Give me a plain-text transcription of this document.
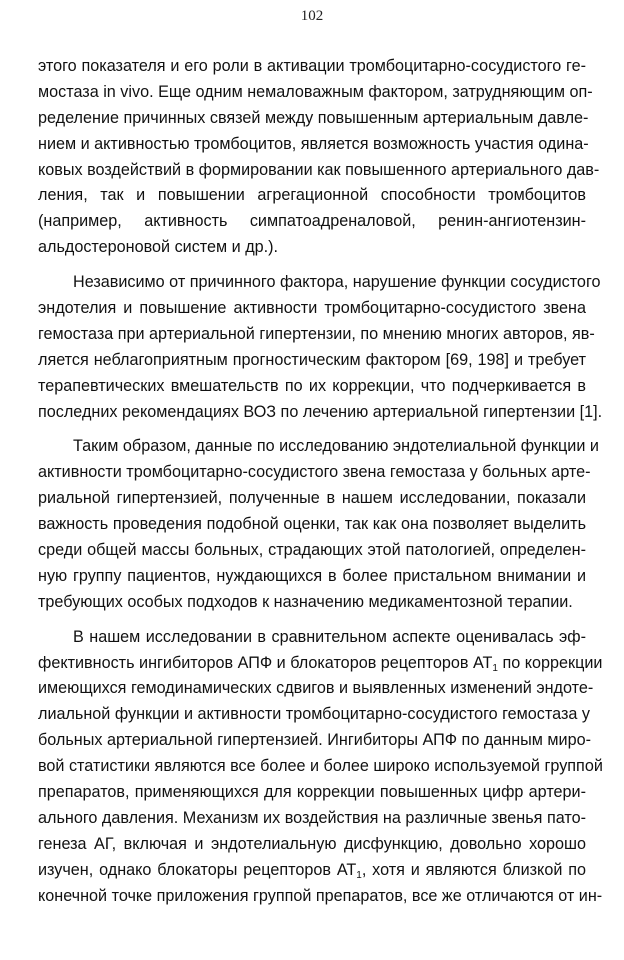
102
этого показателя и его роли в активации тромбоцитарно-сосудистого ге-
мостаза in vivo. Еще одним немаловажным фактором, затрудняющим оп-
ределение причинных связей между повышенным артериальным давле-
нием и активностью тромбоцитов, является возможность участия одина-
ковых воздействий в формировании как повышенного артериального дав-
ления, так и повышении агрегационной способности тромбоцитов
(например, активность симпатоадреналовой, ренин-ангиотензин-
альдостероновой систем и др.).
Независимо от причинного фактора, нарушение функции сосудистого
эндотелия и повышение активности тромбоцитарно-сосудистого звена
гемостаза при артериальной гипертензии, по мнению многих авторов, яв-
ляется неблагоприятным прогностическим фактором [69, 198] и требует
терапевтических вмешательств по их коррекции, что подчеркивается в
последних рекомендациях ВОЗ по лечению артериальной гипертензии [1].
Таким образом, данные по исследованию эндотелиальной функции и
активности тромбоцитарно-сосудистого звена гемостаза у больных арте-
риальной гипертензией, полученные в нашем исследовании, показали
важность проведения подобной оценки, так как она позволяет выделить
среди общей массы больных, страдающих этой патологией, определен-
ную группу пациентов, нуждающихся в более пристальном внимании и
требующих особых подходов к назначению медикаментозной терапии.
В нашем исследовании в сравнительном аспекте оценивалась эф-
фективность ингибиторов АПФ и блокаторов рецепторов $АТ_1$ по коррекции
имеющихся гемодинамических сдвигов и выявленных изменений эндоте-
лиальной функции и активности тромбоцитарно-сосудистого гемостаза у
больных артериальной гипертензией. Ингибиторы АПФ по данным миро-
вой статистики являются все более и более широко используемой группой
препаратов, применяющихся для коррекции повышенных цифр артери-
ального давления. Механизм их воздействия на различные звенья пато-
генеза АГ, включая и эндотелиальную дисфункцию, довольно хорошо
изучен, однако блокаторы рецепторов $АТ_1$, хотя и являются близкой по
конечной точке приложения группой препаратов, все же отличаются от ин-
